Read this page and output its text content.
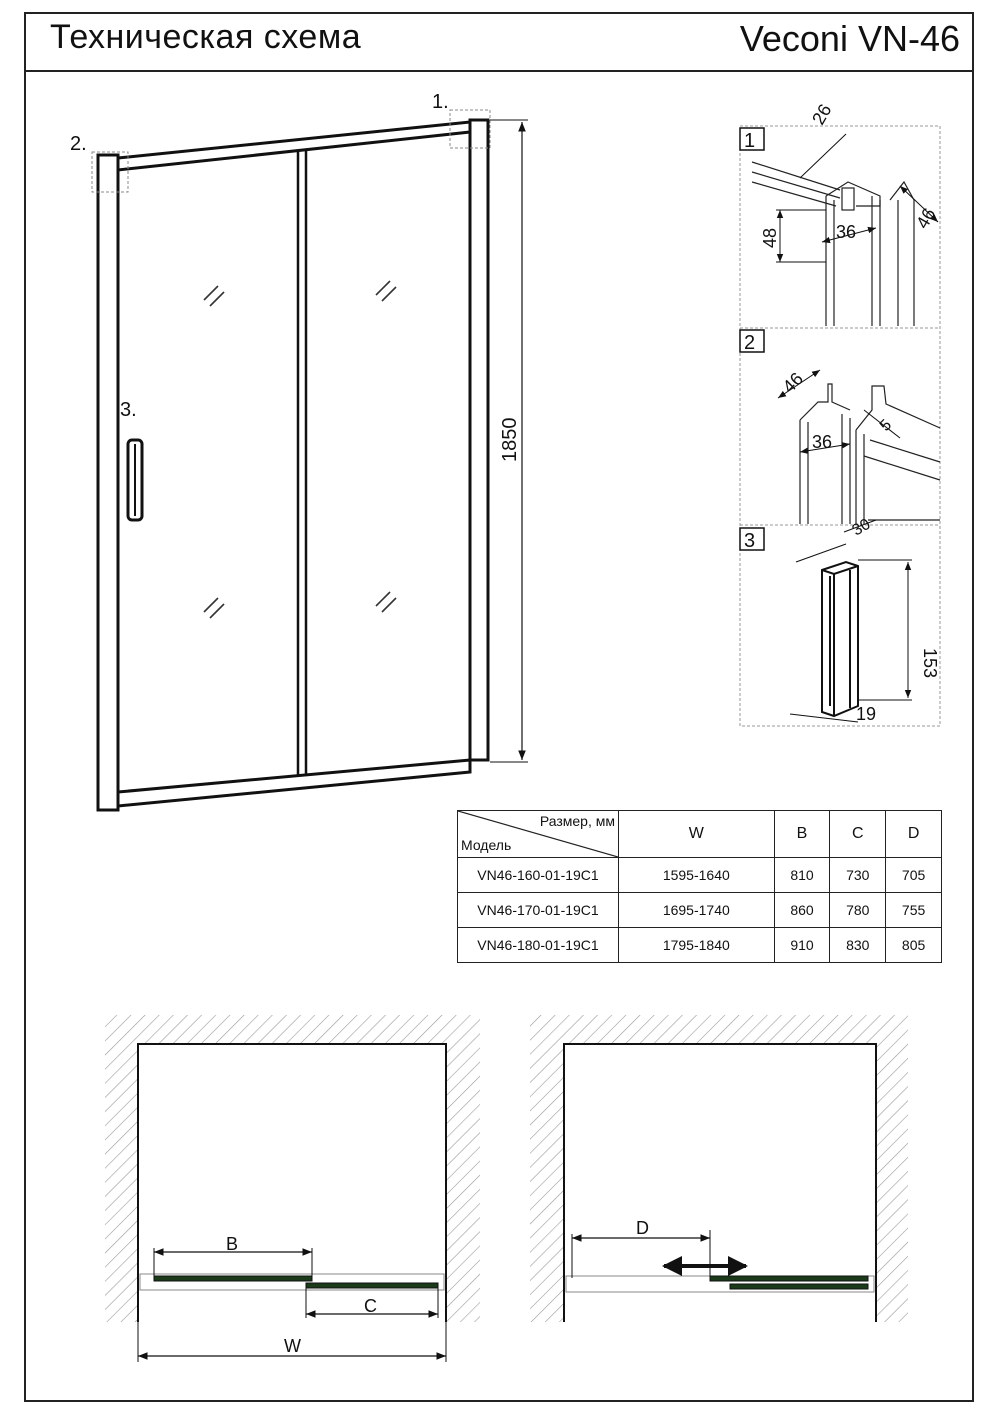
Техническая схема	Veconi VN-46
1.
2.
3.
1850
1
26
48	36	46
2
46
36
5
30
3
153
19
B
C
W
D
Размер, мм
Модель	W	B	C	D
VN46-160-01-19C1	1595-1640	810	730	705
VN46-170-01-19C1	1695-1740	860	780	755
VN46-180-01-19C1	1795-1840	910	830	805
